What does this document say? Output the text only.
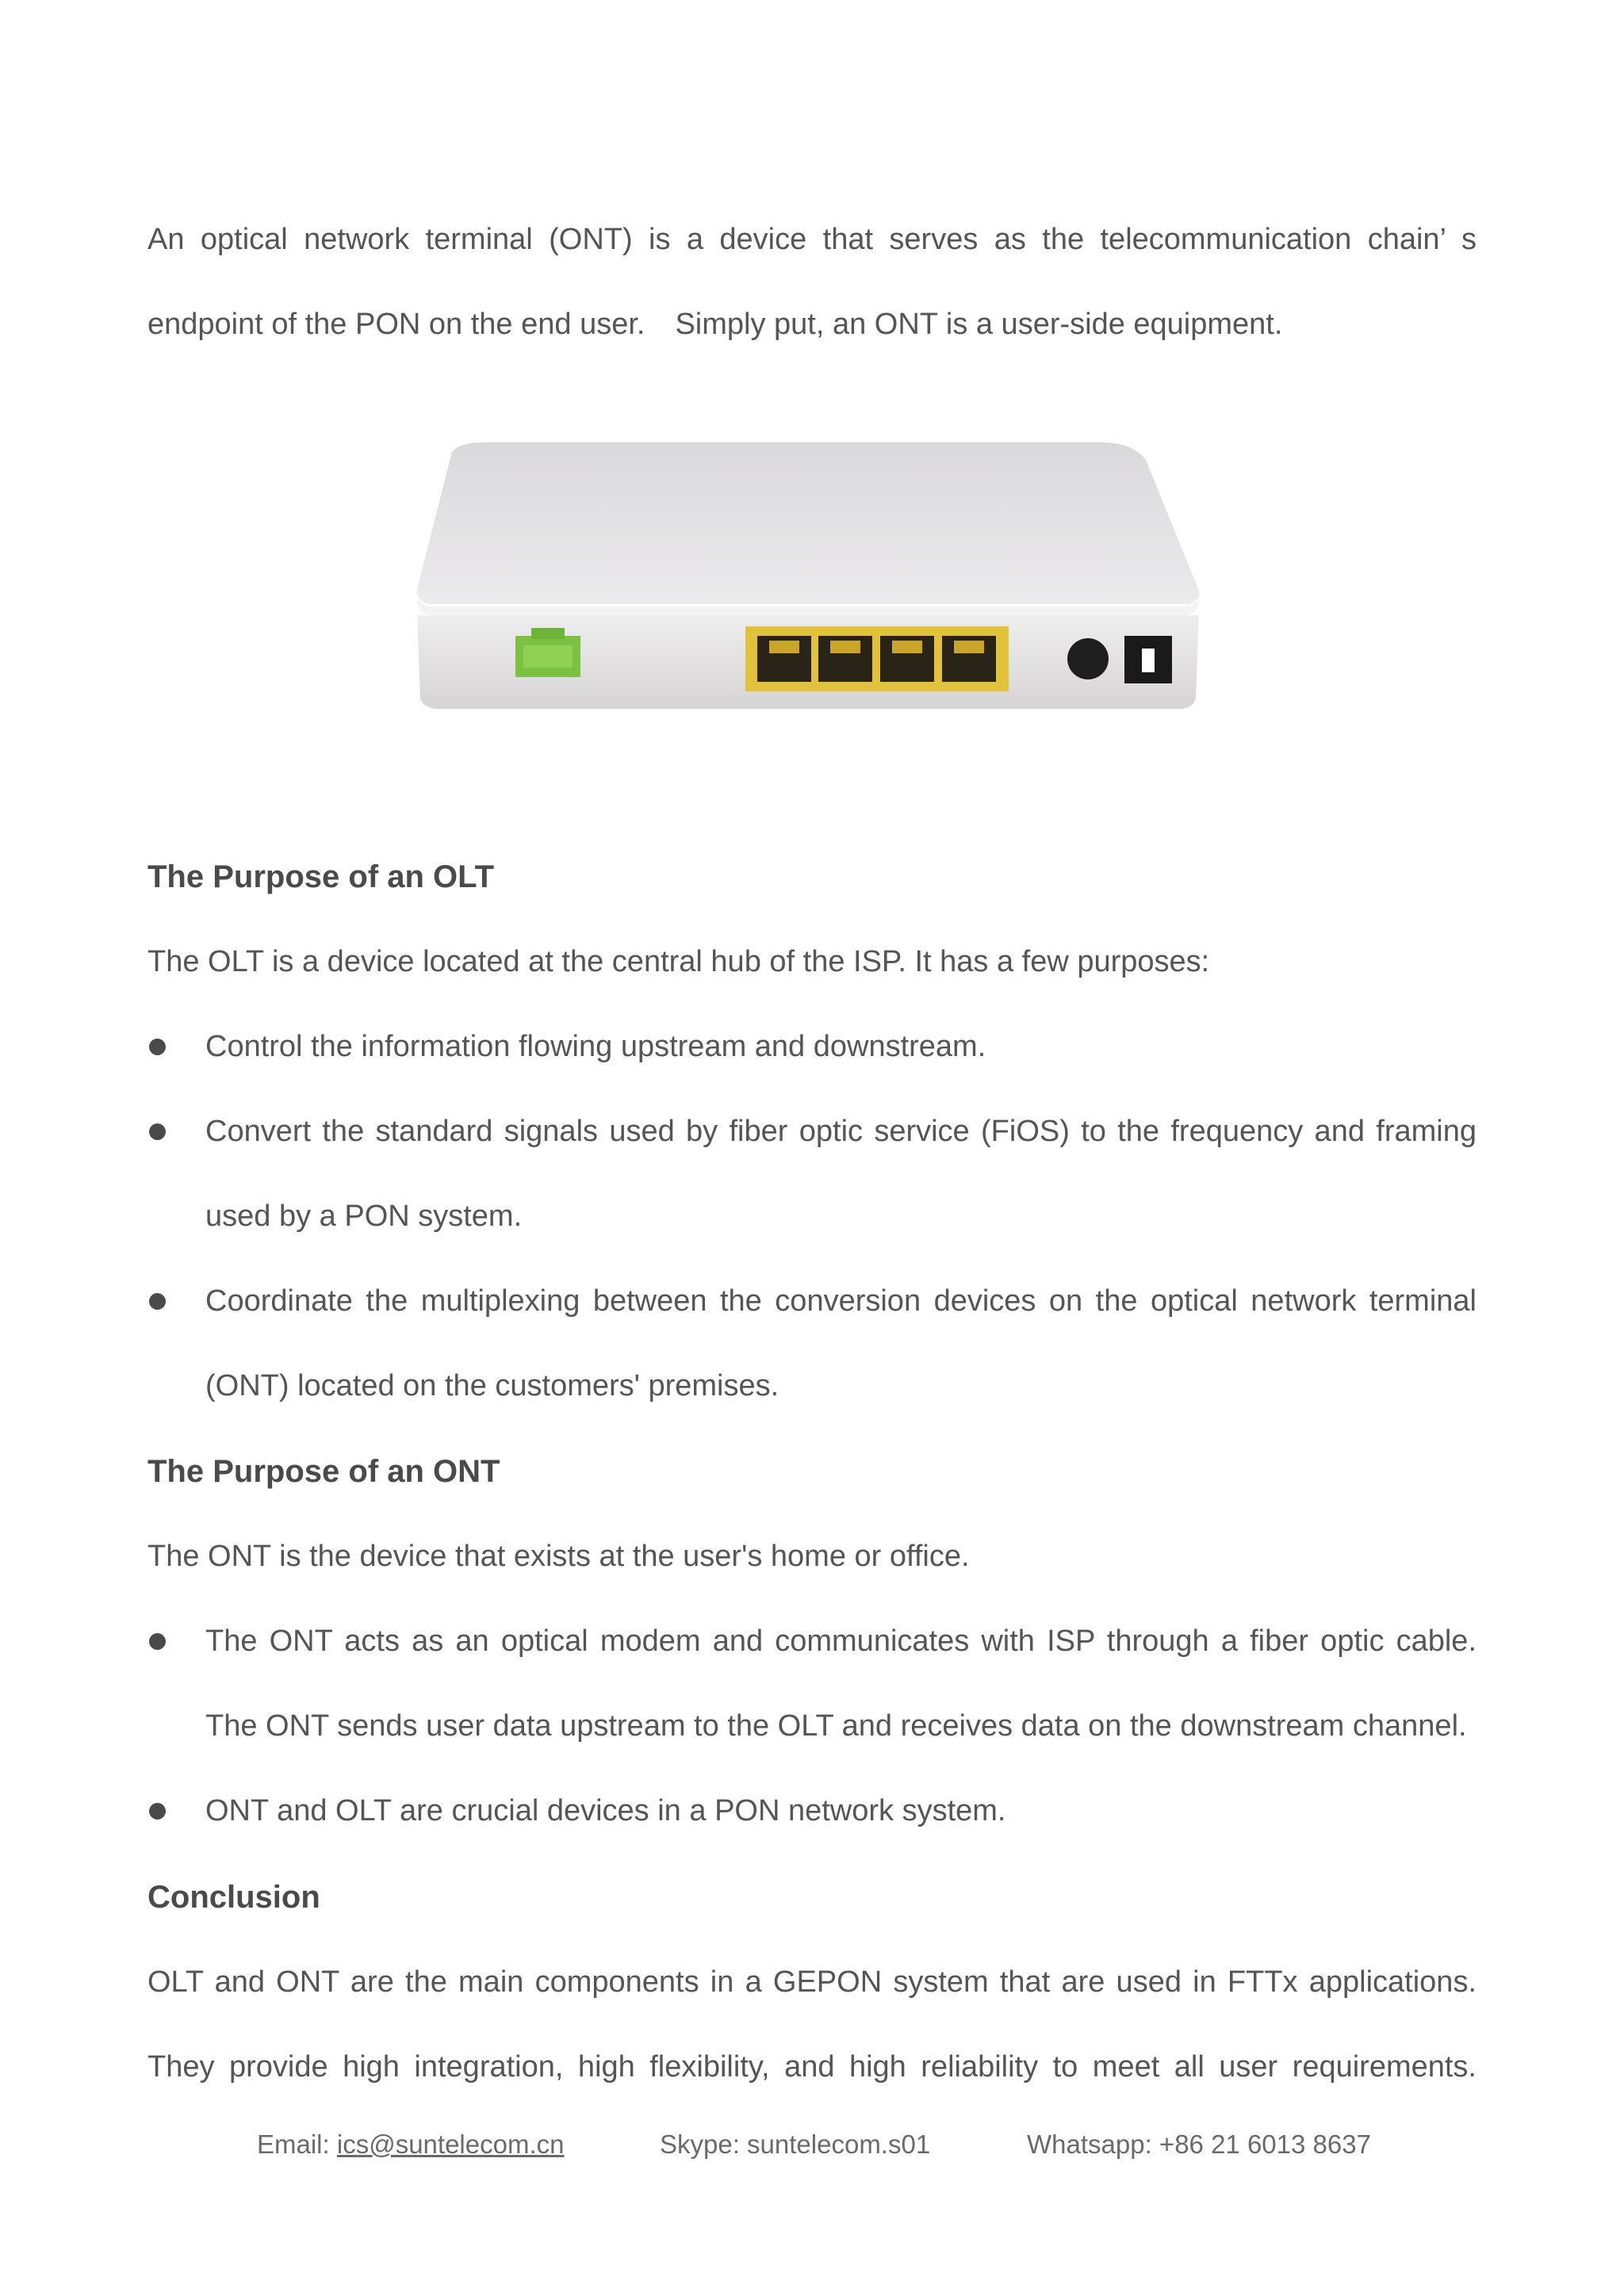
An optical network terminal (ONT) is a device that serves as the telecommunication chain’ s

endpoint of the PON on the end user.　Simply put, an ONT is a user-side equipment.

The Purpose of an OLT

The OLT is a device located at the central hub of the ISP. It has a few purposes:

Control the information flowing upstream and downstream.

Convert the standard signals used by fiber optic service (FiOS) to the frequency and framing used by a PON system.

Coordinate the multiplexing between the conversion devices on the optical network terminal (ONT) located on the customers' premises.

The Purpose of an ONT

The ONT is the device that exists at the user's home or office.

The ONT acts as an optical modem and communicates with ISP through a fiber optic cable. The ONT sends user data upstream to the OLT and receives data on the downstream channel.

ONT and OLT are crucial devices in a PON network system.

Conclusion

OLT and ONT are the main components in a GEPON system that are used in FTTx applications. They provide high integration, high flexibility, and high reliability to meet all user requirements.

Email: ics@suntelecom.cn	Skype: suntelecom.s01	Whatsapp: +86 21 6013 8637
